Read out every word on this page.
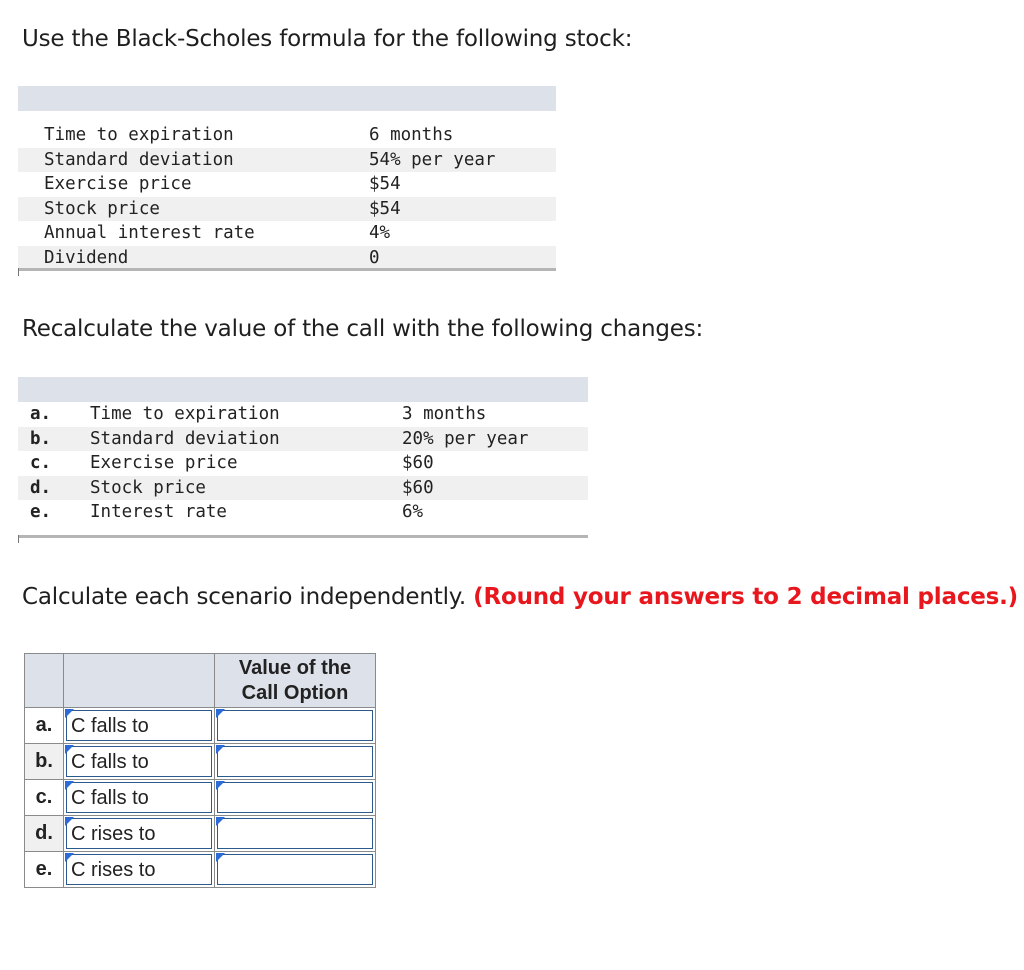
Use the Black-Scholes formula for the following stock:
Time to expiration	6 months
Standard deviation	54% per year
Exercise price	$54
Stock price	$54
Annual interest rate	4%
Dividend	0
Recalculate the value of the call with the following changes:
a. Time to expiration	3 months
b. Standard deviation	20% per year
c. Exercise price	$60
d. Stock price	$60
e. Interest rate	6%
Calculate each scenario independently. (Round your answers to 2 decimal places.)

		Value of the
Call Option

a.	C falls to	

b.	C falls to	

c.	C falls to	

d.	C rises to	

e.	C rises to	
